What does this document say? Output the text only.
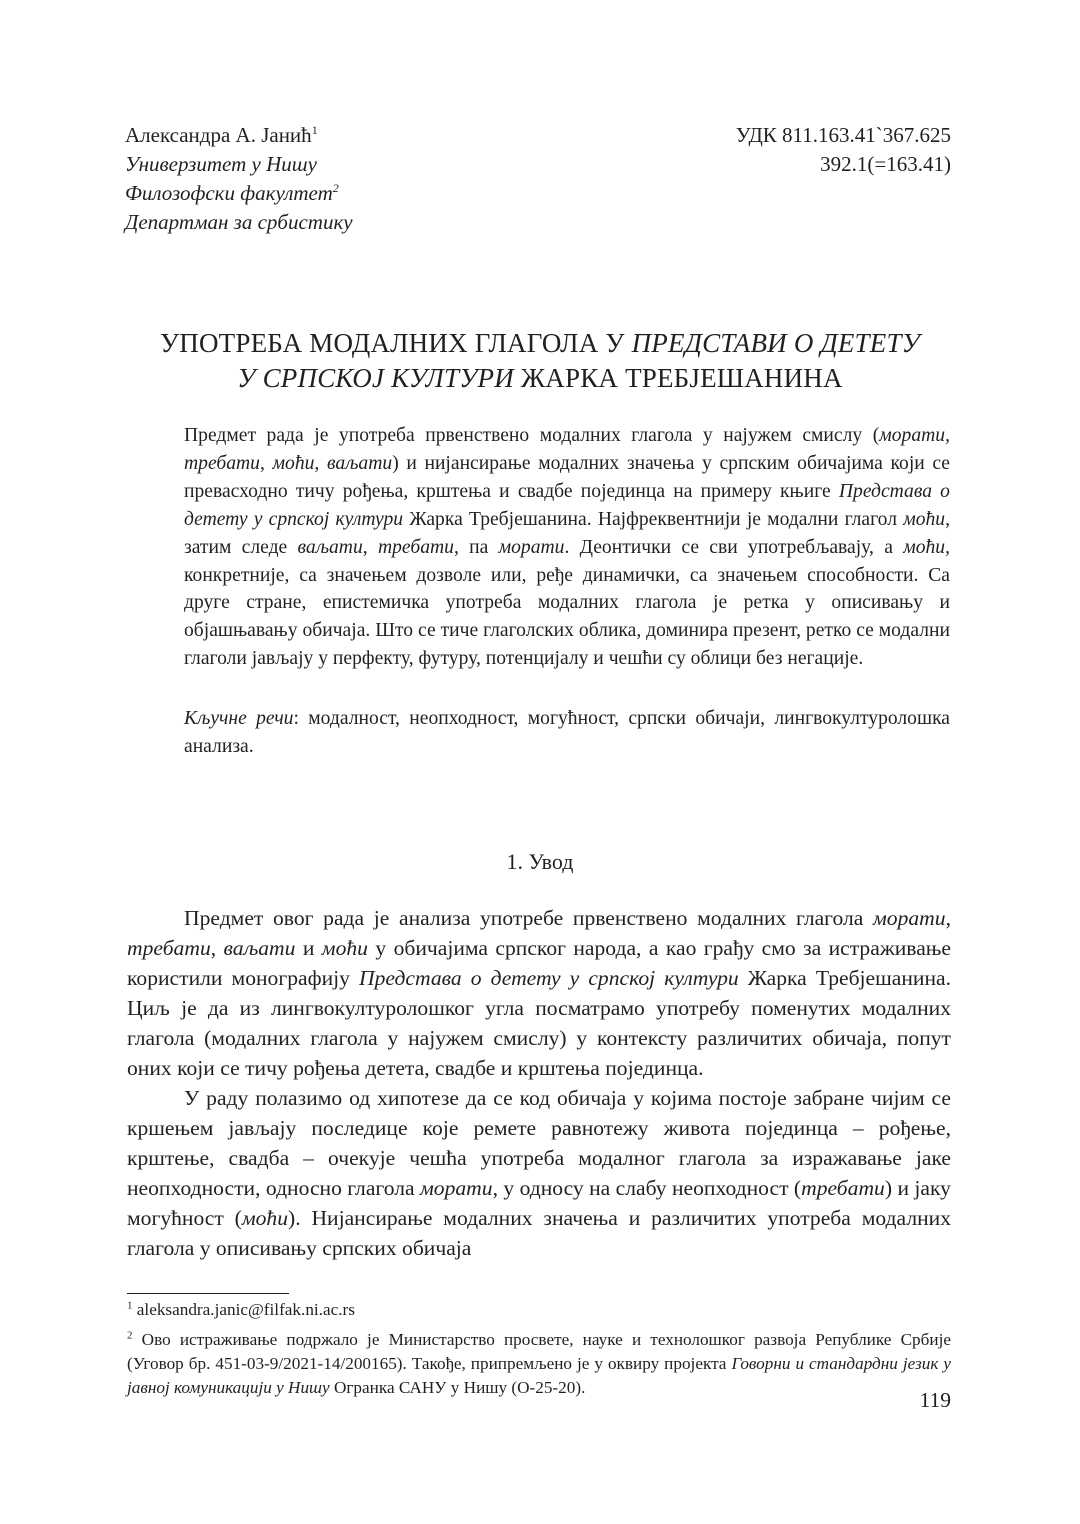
Александра А. Јанић$^1$
Универзитет у Нишу
Филозофски факултет$^2$
Департман за србистику
УДК 811.163.41`367.625
392.1(=163.41)
УПОТРЕБА МОДАЛНИХ ГЛАГОЛА У ПРЕДСТАВИ О ДЕТЕТУ
У СРПСКОЈ КУЛТУРИ ЖАРКА ТРЕБЈЕШАНИНА

Предмет рада је употреба првенствено модалних глагола у најужем смислу (морати, требати, моћи, ваљати) и нијансирање модалних значења у српским обичајима који се превасходно тичу рођења, крштења и свадбе појединца на примеру књиге Представа о детету у српској култури Жарка Требјешанина. Најфреквентнији је модални глагол моћи, затим следе ваљати, требати, па морати. Деонтички се сви употребљавају, а моћи, конкретније, са значењем дозволе или, ређе динамички, са значењем способности. Са друге стране, епистемичка употреба модалних глагола је ретка у описивању и објашњавању обичаја. Што се тиче глаголских облика, доминира презент, ретко се модални глаголи јављају у перфекту, футуру, потенцијалу и чешћи су облици без негације.

Кључне речи: модалност, неопходност, могућност, српски обичаји, лингвокултуролошка анализа.

1. Увод

Предмет овог рада је анализа употребе првенствено модалних глагола морати, требати, ваљати и моћи у обичајима српског народа, а као грађу смо за истраживање користили монографију Представа о детету у српској култури Жарка Требјешанина. Циљ је да из лингвокултуролошког угла посматрамо употребу поменутих модалних глагола (модалних глагола у најужем смислу) у контексту различитих обичаја, попут оних који се тичу рођења детета, свадбе и крштења појединца.

У раду полазимо од хипотезе да се код обичаја у којима постоје забране чијим се кршењем јављају последице које ремете равнотежу живота појединца – рођење, крштење, свадба – очекује чешћа употреба модалног глагола за изражавање јаке неопходности, односно глагола морати, у односу на слабу неопходност (требати) и јаку могућност (моћи). Нијансирање модалних значења и различитих употреба модалних глагола у описивању српских обичаја

$^1$ aleksandra.janic@filfak.ni.ac.rs

$^2$ Ово истраживање подржало је Министарство просвете, науке и технолошког развоја Републике Србије (Уговор бр. 451-03-9/2021-14/200165). Такође, припремљено је у оквиру пројекта Говорни и стандардни језик у јавној комуникацији у Нишу Огранка САНУ у Нишу (О-25-20).

119
